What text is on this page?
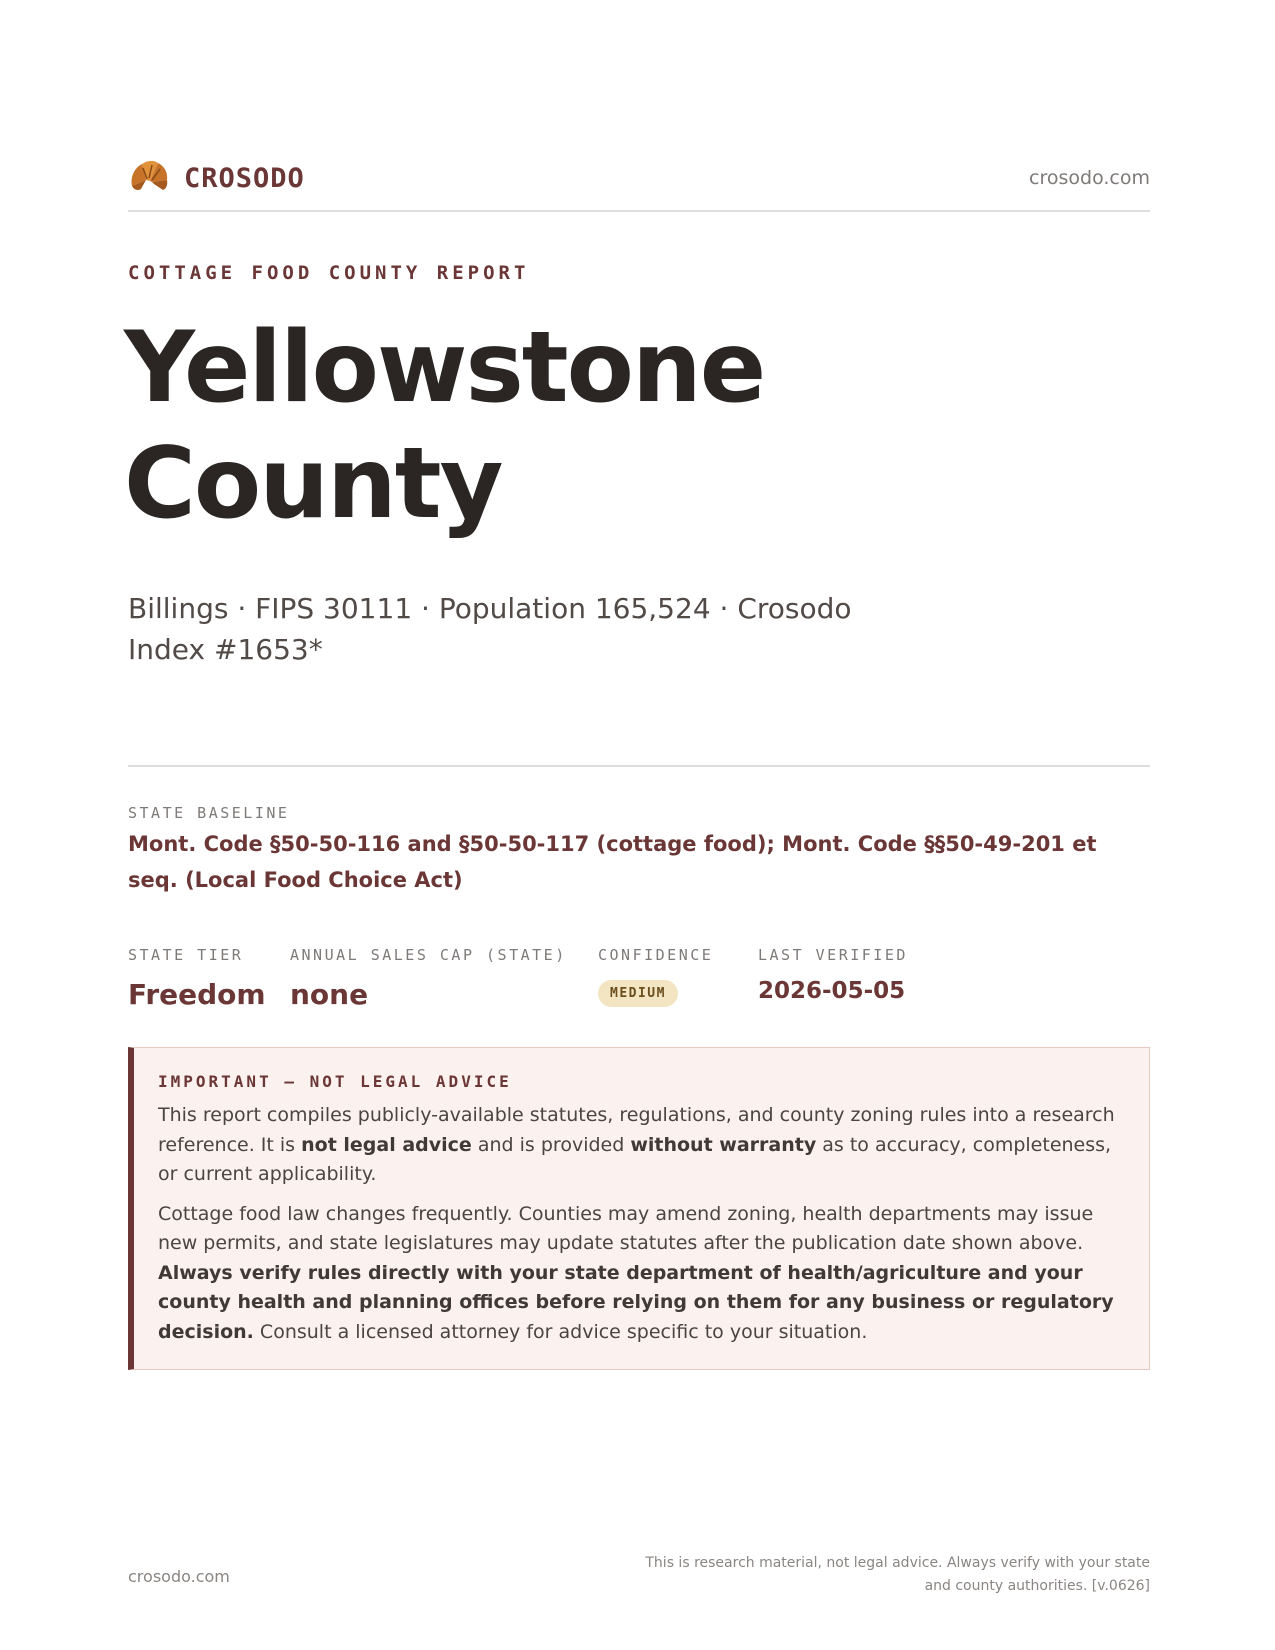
CROSODO	crosodo.com
COTTAGE FOOD COUNTY REPORT
Yellowstone
County
Billings · FIPS 30111 · Population 165,524 · Crosodo Index #1653*
STATE BASELINE
Mont. Code §50-50-116 and §50-50-117 (cottage food); Mont. Code §§50-49-201 et seq. (Local Food Choice Act)
STATE TIER
Freedom
ANNUAL SALES CAP (STATE)
none
CONFIDENCE
MEDIUM
LAST VERIFIED
2026-05-05
IMPORTANT — NOT LEGAL ADVICE

This report compiles publicly-available statutes, regulations, and county zoning rules into a research reference. It is not legal advice and is provided without warranty as to accuracy, completeness, or current applicability.

Cottage food law changes frequently. Counties may amend zoning, health departments may issue new permits, and state legislatures may update statutes after the publication date shown above. Always verify rules directly with your state department of health/agriculture and your county health and planning offices before relying on them for any business or regulatory decision. Consult a licensed attorney for advice specific to your situation.

crosodo.com
This is research material, not legal advice. Always verify with your state
and county authorities. [v.0626]
